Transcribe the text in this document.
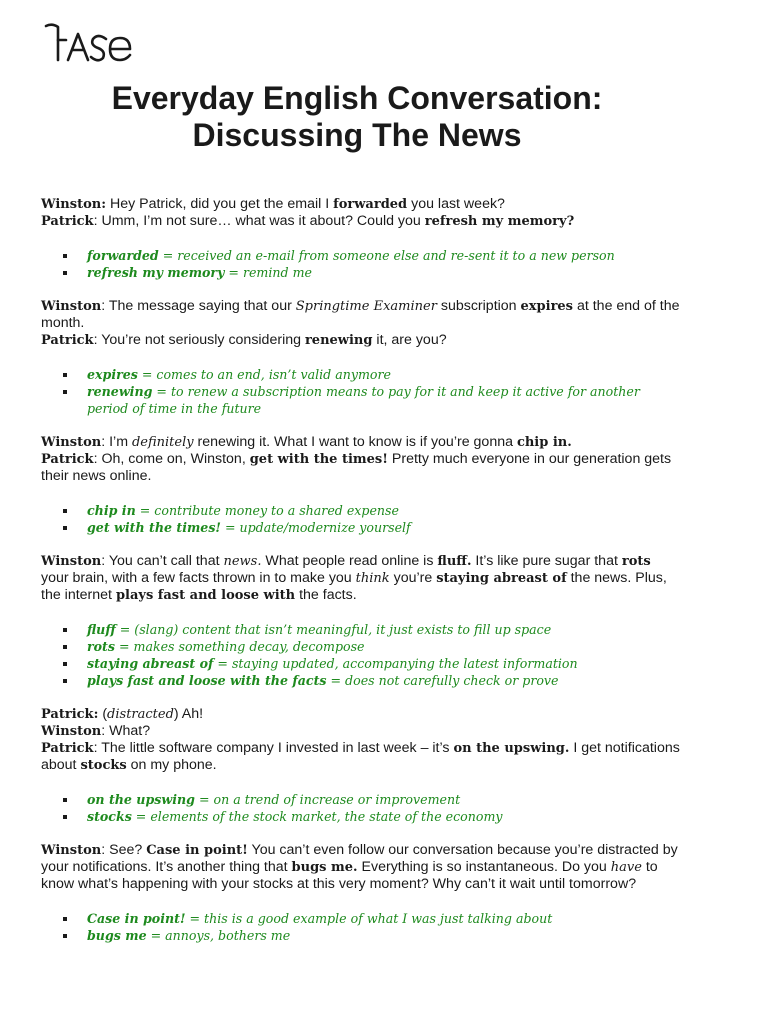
Everyday English Conversation:
Discussing The News
Winston: Hey Patrick, did you get the email I forwarded you last week?
Patrick: Umm, I’m not sure… what was it about? Could you refresh my memory?
forwarded = received an e-mail from someone else and re-sent it to a new person
refresh my memory = remind me
Winston: The message saying that our Springtime Examiner subscription expires at the end of the month.
Patrick: You’re not seriously considering renewing it, are you?
expires = comes to an end, isn’t valid anymore
renewing = to renew a subscription means to pay for it and keep it active for another period of time in the future
Winston: I’m definitely renewing it. What I want to know is if you’re gonna chip in.
Patrick: Oh, come on, Winston, get with the times! Pretty much everyone in our generation gets their news online.
chip in = contribute money to a shared expense
get with the times! = update/modernize yourself
Winston: You can’t call that news. What people read online is fluff. It’s like pure sugar that rots your brain, with a few facts thrown in to make you think you’re staying abreast of the news. Plus, the internet plays fast and loose with the facts.
fluff = (slang) content that isn’t meaningful, it just exists to fill up space
rots = makes something decay, decompose
staying abreast of = staying updated, accompanying the latest information
plays fast and loose with the facts = does not carefully check or prove
Patrick: (distracted) Ah!
Winston: What?
Patrick: The little software company I invested in last week – it’s on the upswing. I get notifications about stocks on my phone.
on the upswing = on a trend of increase or improvement
stocks = elements of the stock market, the state of the economy
Winston: See? Case in point! You can’t even follow our conversation because you’re distracted by your notifications. It’s another thing that bugs me. Everything is so instantaneous. Do you have to know what’s happening with your stocks at this very moment? Why can’t it wait until tomorrow?
Case in point! = this is a good example of what I was just talking about
bugs me = annoys, bothers me
